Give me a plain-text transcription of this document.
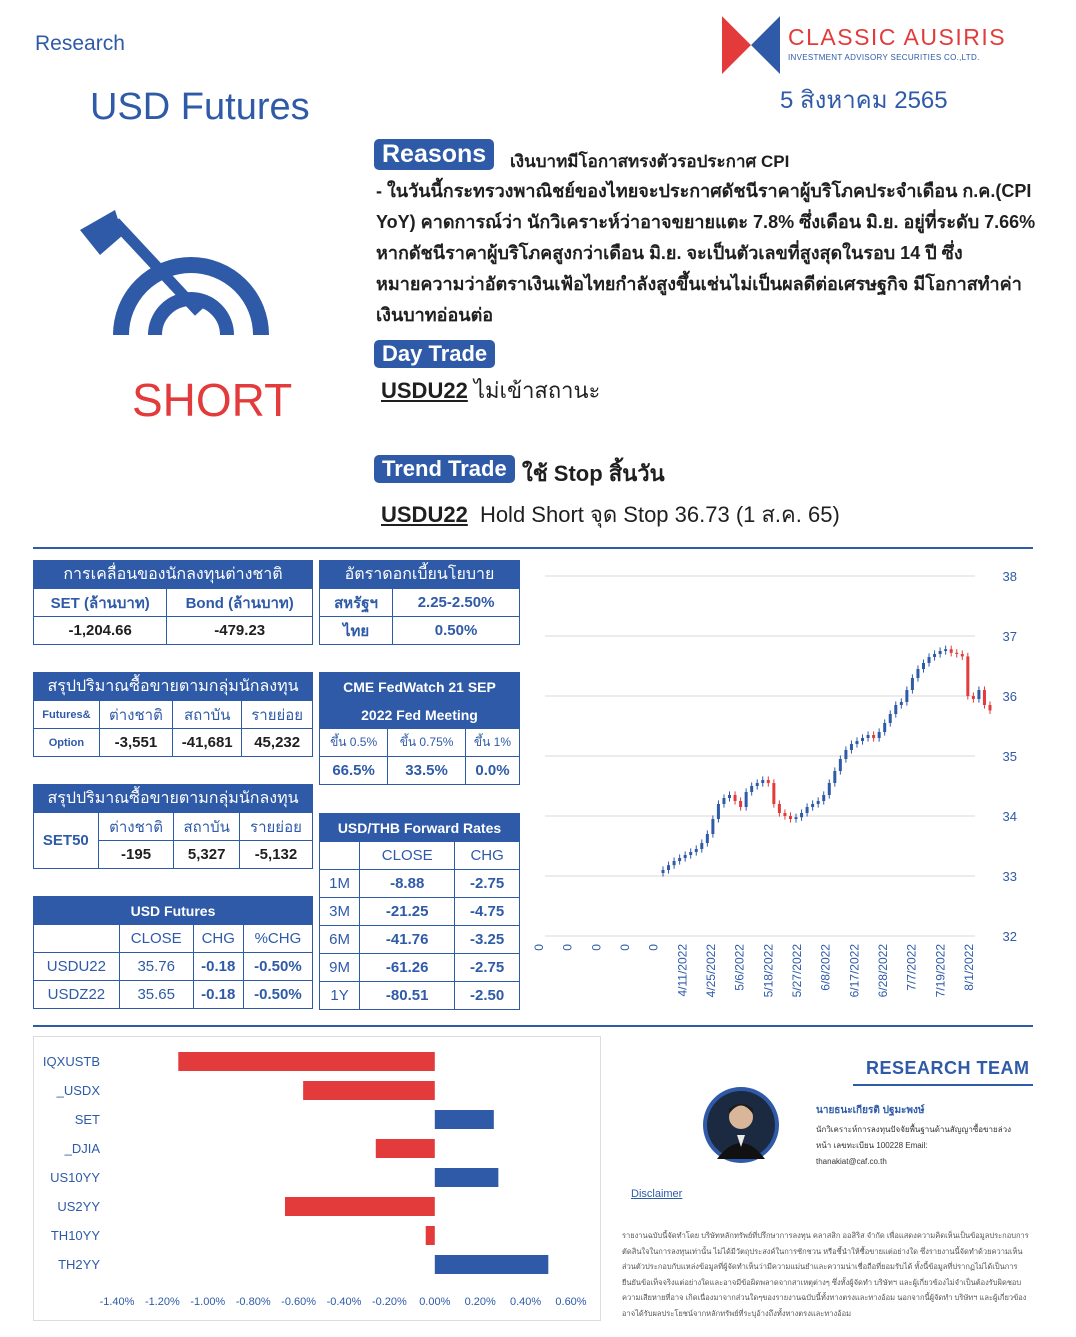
Research
USD Futures
CLASSIC AUSIRIS
INVESTMENT ADVISORY SECURITIES CO.,LTD.
5 สิงหาคม 2565
SHORT
Reasons	เงินบาทมีโอกาสทรงตัวรอประกาศ CPI
- ในวันนี้กระทรวงพาณิชย์ของไทยจะประกาศดัชนีราคาผู้บริโภคประจำเดือน ก.ค.(CPI YoY) คาดการณ์ว่า นักวิเคราะห์ว่าอาจขยายแตะ 7.8% ซึ่งเดือน มิ.ย. อยู่ที่ระดับ 7.66% หากดัชนีราคาผู้บริโภคสูงกว่าเดือน มิ.ย. จะเป็นตัวเลขที่สูงสุดในรอบ 14 ปี ซึ่งหมายความว่าอัตราเงินเฟ้อไทยกำลังสูงขึ้นเช่นไม่เป็นผลดีต่อเศรษฐกิจ มีโอกาสทำค่าเงินบาทอ่อนต่อ
Day Trade
USDU22 ไม่เข้าสถานะ
Trend Trade ใช้ Stop สิ้นวัน
USDU22 Hold Short จุด Stop 36.73 (1 ส.ค. 65)
การเคลื่อนของนักลงทุนต่างชาติ	
SET (ล้านบาท)	Bond (ล้านบาท)
-1,204.66	-479.23
อัตราดอกเบี้ยนโยบาย	
สหรัฐฯ	2.25-2.50%
ไทย	0.50%
สรุปปริมาณซื้อขายตามกลุ่มนักลงทุน			
Futures&	ต่างชาติ	สถาบัน	รายย่อย
Option	-3,551	-41,681	45,232
CME FedWatch 21 SEP		
2022 Fed Meeting		
ขึ้น 0.5%	ขึ้น 0.75%	ขึ้น 1%
66.5%	33.5%	0.0%
สรุปปริมาณซื้อขายตามกลุ่มนักลงทุน			
SET50	ต่างชาติ	สถาบัน	รายย่อย
	-195	5,327	-5,132
USD/THB Forward Rates		
	CLOSE	CHG
1M	-8.88	-2.75
3M	-21.25	-4.75
6M	-41.76	-3.25
9M	-61.26	-2.75
1Y	-80.51	-2.50
USD Futures			
	CLOSE	CHG	%CHG
USDU22	35.76	-0.18	-0.50%
USDZ22	35.65	-0.18	-0.50%
38
37
36
35
34
33
32
0 0 0 0 0 4/11/2022 4/25/2022 5/6/2022 5/18/2022 5/27/2022 6/8/2022 6/17/2022 6/28/2022 7/7/2022 7/19/2022 8/1/2022
IQXUSTB
_USDX
SET
_DJIA
US10YY
US2YY
TH10YY
TH2YY
-1.40% -1.20% -1.00% -0.80% -0.60% -0.40% -0.20% 0.00% 0.20% 0.40% 0.60%
RESEARCH TEAM
นายธนะเกียรติ ปฐมะพงษ์
นักวิเคราะห์การลงทุนปัจจัยพื้นฐานด้านสัญญาซื้อขายล่วงหน้า เลขทะเบียน 100228 Email:
thanakiat@caf.co.th
Disclaimer
รายงานฉบับนี้จัดทำโดย บริษัทหลักทรัพย์ที่ปรึกษาการลงทุน คลาสสิก ออสิริส จำกัด เพื่อแสดงความคิดเห็นเป็นข้อมูลประกอบการตัดสินใจในการลงทุนเท่านั้น ไม่ได้มีวัตถุประสงค์ในการชักชวน หรือชี้นำให้ซื้อขายแต่อย่างใด ซึ่งรายงานนี้จัดทำด้วยความเห็นส่วนตัวประกอบกับแหล่งข้อมูลที่ผู้จัดทำเห็นว่ามีความแม่นยำและความน่าเชื่อถือที่ยอมรับได้ ทั้งนี้ข้อมูลที่ปรากฏไม่ได้เป็นการยืนยันข้อเท็จจริงแต่อย่างใดและอาจมีข้อผิดพลาดจากสาเหตุต่างๆ ซึ่งทั้งผู้จัดทำ บริษัทฯ และผู้เกี่ยวข้องไม่จำเป็นต้องรับผิดชอบความเสียหายที่อาจ เกิดเนื่องมาจากส่วนใดๆของรายงานฉบับนี้ทั้งทางตรงและทางอ้อม นอกจากนี้ผู้จัดทำ บริษัทฯ และผู้เกี่ยวข้อง อาจได้รับผลประโยชน์จากหลักทรัพย์ที่ระบุอ้างถึงทั้งทางตรงและทางอ้อม
